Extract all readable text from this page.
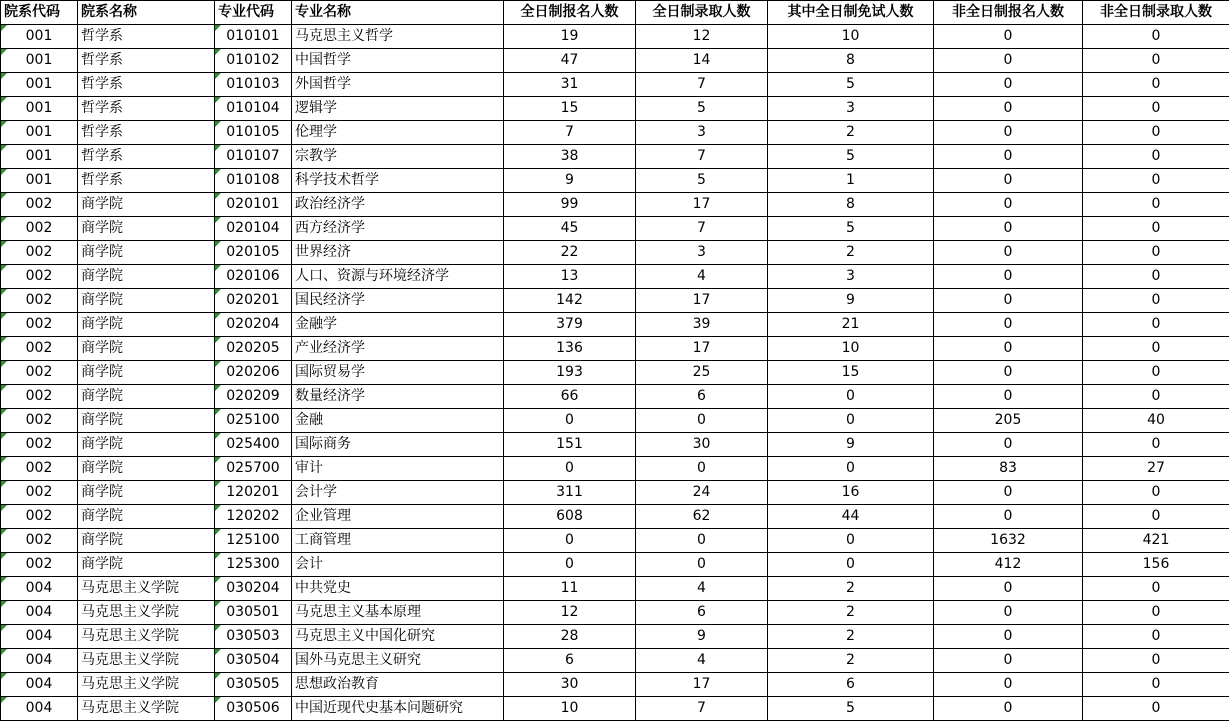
院系代码	院系名称	专业代码	专业名称	全日制报名人数	全日制录取人数	其中全日制免试人数	非全日制报名人数	非全日制录取人数

001	哲学系	010101	马克思主义哲学	19	12	10	0	0

001	哲学系	010102	中国哲学	47	14	8	0	0

001	哲学系	010103	外国哲学	31	7	5	0	0

001	哲学系	010104	逻辑学	15	5	3	0	0

001	哲学系	010105	伦理学	7	3	2	0	0

001	哲学系	010107	宗教学	38	7	5	0	0

001	哲学系	010108	科学技术哲学	9	5	1	0	0

002	商学院	020101	政治经济学	99	17	8	0	0

002	商学院	020104	西方经济学	45	7	5	0	0

002	商学院	020105	世界经济	22	3	2	0	0

002	商学院	020106	人口、资源与环境经济学	13	4	3	0	0

002	商学院	020201	国民经济学	142	17	9	0	0

002	商学院	020204	金融学	379	39	21	0	0

002	商学院	020205	产业经济学	136	17	10	0	0

002	商学院	020206	国际贸易学	193	25	15	0	0

002	商学院	020209	数量经济学	66	6	0	0	0

002	商学院	025100	金融	0	0	0	205	40

002	商学院	025400	国际商务	151	30	9	0	0

002	商学院	025700	审计	0	0	0	83	27

002	商学院	120201	会计学	311	24	16	0	0

002	商学院	120202	企业管理	608	62	44	0	0

002	商学院	125100	工商管理	0	0	0	1632	421

002	商学院	125300	会计	0	0	0	412	156

004	马克思主义学院	030204	中共党史	11	4	2	0	0

004	马克思主义学院	030501	马克思主义基本原理	12	6	2	0	0

004	马克思主义学院	030503	马克思主义中国化研究	28	9	2	0	0

004	马克思主义学院	030504	国外马克思主义研究	6	4	2	0	0

004	马克思主义学院	030505	思想政治教育	30	17	6	0	0

004	马克思主义学院	030506	中国近现代史基本问题研究	10	7	5	0	0
